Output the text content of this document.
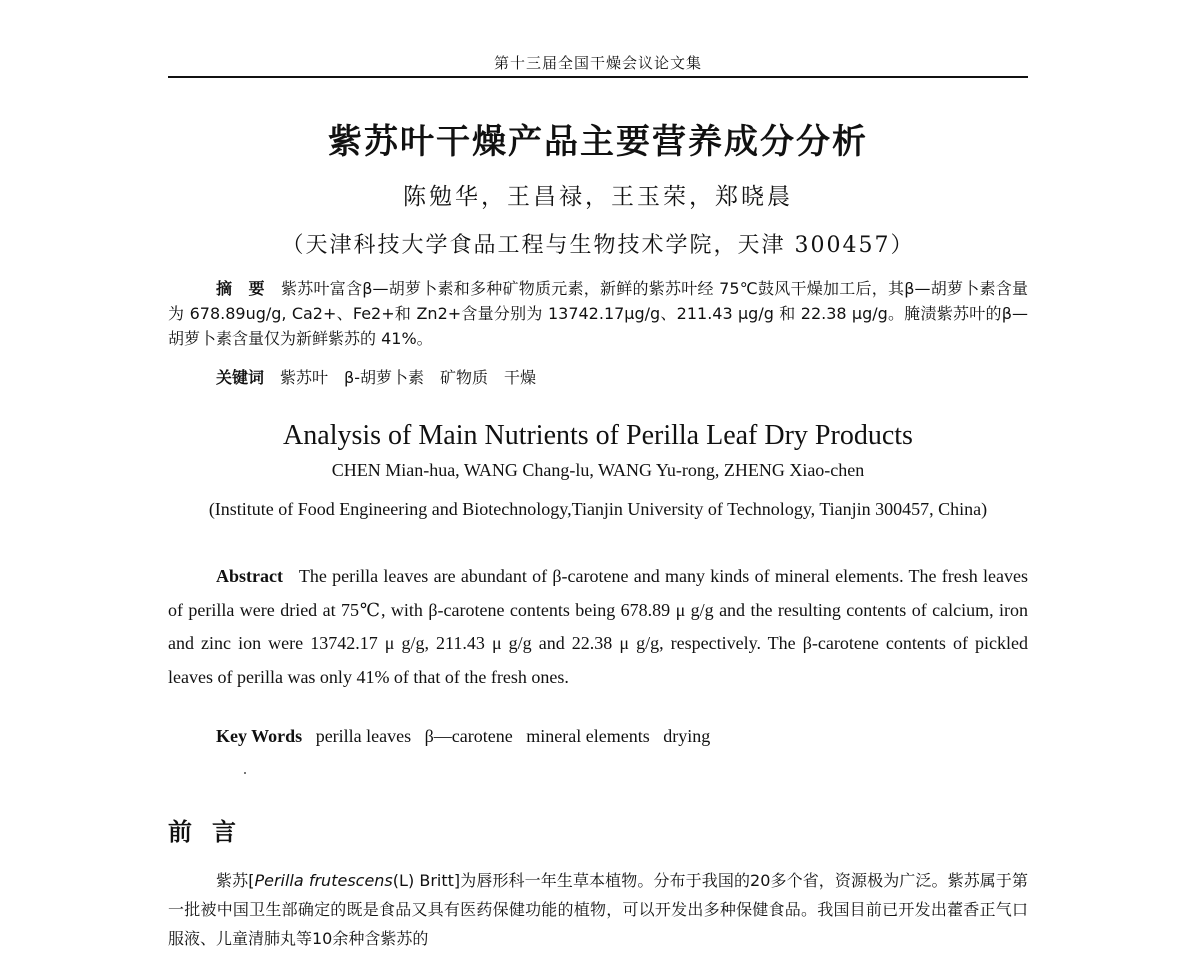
第十三届全国干燥会议论文集
紫苏叶干燥产品主要营养成分分析
陈勉华，王昌禄，王玉荣，郑晓晨
（天津科技大学食品工程与生物技术学院，天津 300457）
摘　要　 紫苏叶富含β—胡萝卜素和多种矿物质元素，新鲜的紫苏叶经 75℃鼓风干燥加工后，其β—胡萝卜素含量为 678.89ug/g, Ca2+、Fe2+和 Zn2+含量分别为 13742.17μg/g、211.43 μg/g 和 22.38 μg/g。腌渍紫苏叶的β—胡萝卜素含量仅为新鲜紫苏的 41%。
关键词　 紫苏叶　β-胡萝卜素　矿物质　干燥
Analysis of Main Nutrients of Perilla Leaf Dry Products
CHEN Mian-hua, WANG Chang-lu, WANG Yu-rong, ZHENG Xiao-chen
(Institute of Food Engineering and Biotechnology,Tianjin University of Technology, Tianjin 300457, China)
Abstract The perilla leaves are abundant of β-carotene and many kinds of mineral elements. The fresh leaves of perilla were dried at 75℃, with β-carotene contents being 678.89 μ g/g and the resulting contents of calcium, iron and zinc ion were 13742.17 μ g/g, 211.43 μ g/g and 22.38 μ g/g, respectively. The β-carotene contents of pickled leaves of perilla was only 41% of that of the fresh ones.
Key Words perilla leaves   β—carotene   mineral elements   drying
前言
紫苏[Perilla frutescens(L) Britt]为唇形科一年生草本植物。分布于我国的20多个省，资源极为广泛。紫苏属于第一批被中国卫生部确定的既是食品又具有医药保健功能的植物，可以开发出多种保健食品。我国目前已开发出藿香正气口服液、儿童清肺丸等10余种含紫苏的
